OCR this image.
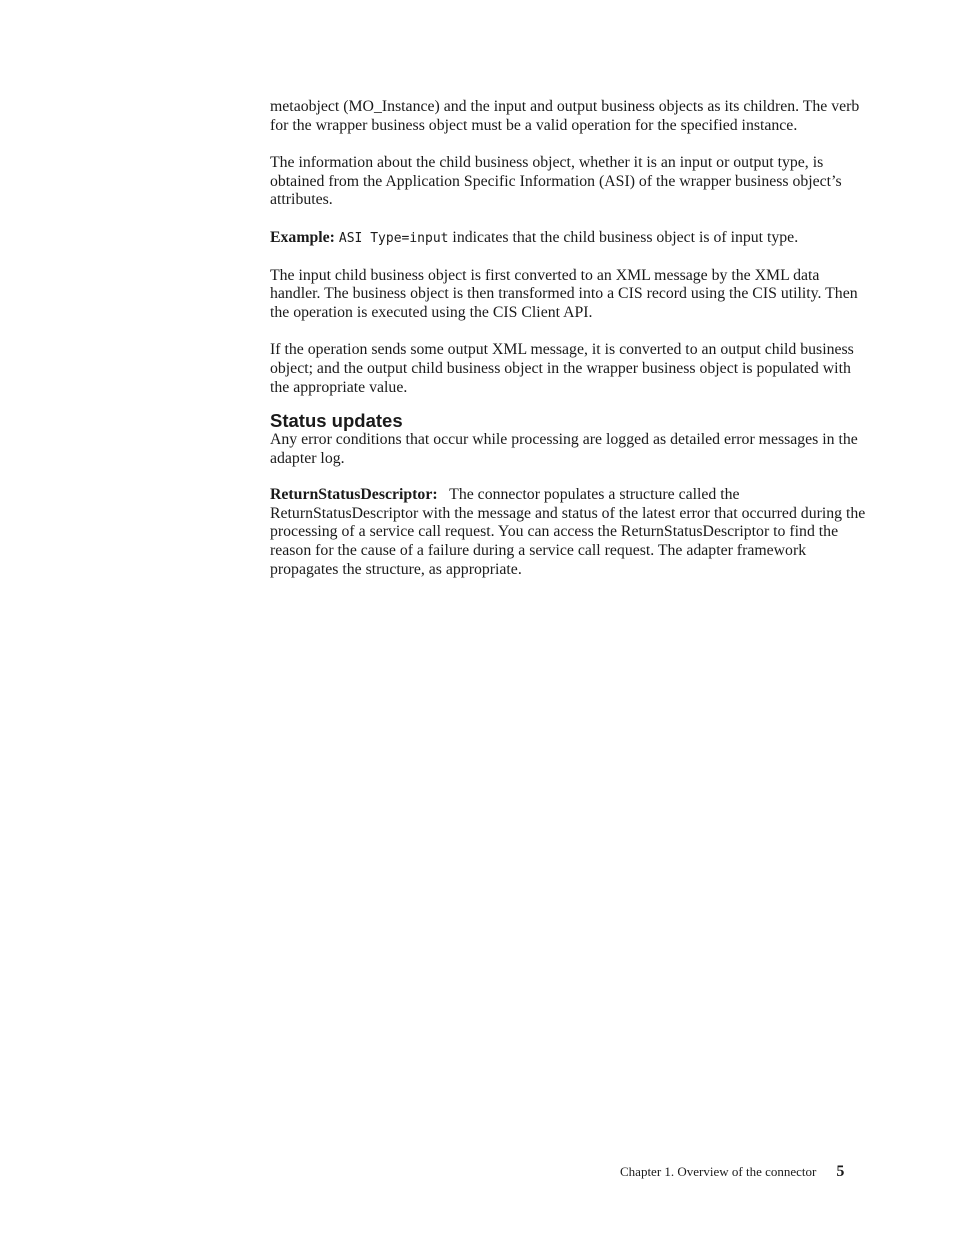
metaobject (MO_Instance) and the input and output business objects as its children. The verb for the wrapper business object must be a valid operation for the specified instance.

The information about the child business object, whether it is an input or output type, is obtained from the Application Specific Information (ASI) of the wrapper business object’s attributes.

Example: ASI Type=input indicates that the child business object is of input type.

The input child business object is first converted to an XML message by the XML data handler. The business object is then transformed into a CIS record using the CIS utility. Then the operation is executed using the CIS Client API.

If the operation sends some output XML message, it is converted to an output child business object; and the output child business object in the wrapper business object is populated with the appropriate value.

Status updates

Any error conditions that occur while processing are logged as detailed error messages in the adapter log.

ReturnStatusDescriptor: The connector populates a structure called the ReturnStatusDescriptor with the message and status of the latest error that occurred during the processing of a service call request. You can access the ReturnStatusDescriptor to find the reason for the cause of a failure during a service call request. The adapter framework propagates the structure, as appropriate.

Chapter 1. Overview of the connector 5
